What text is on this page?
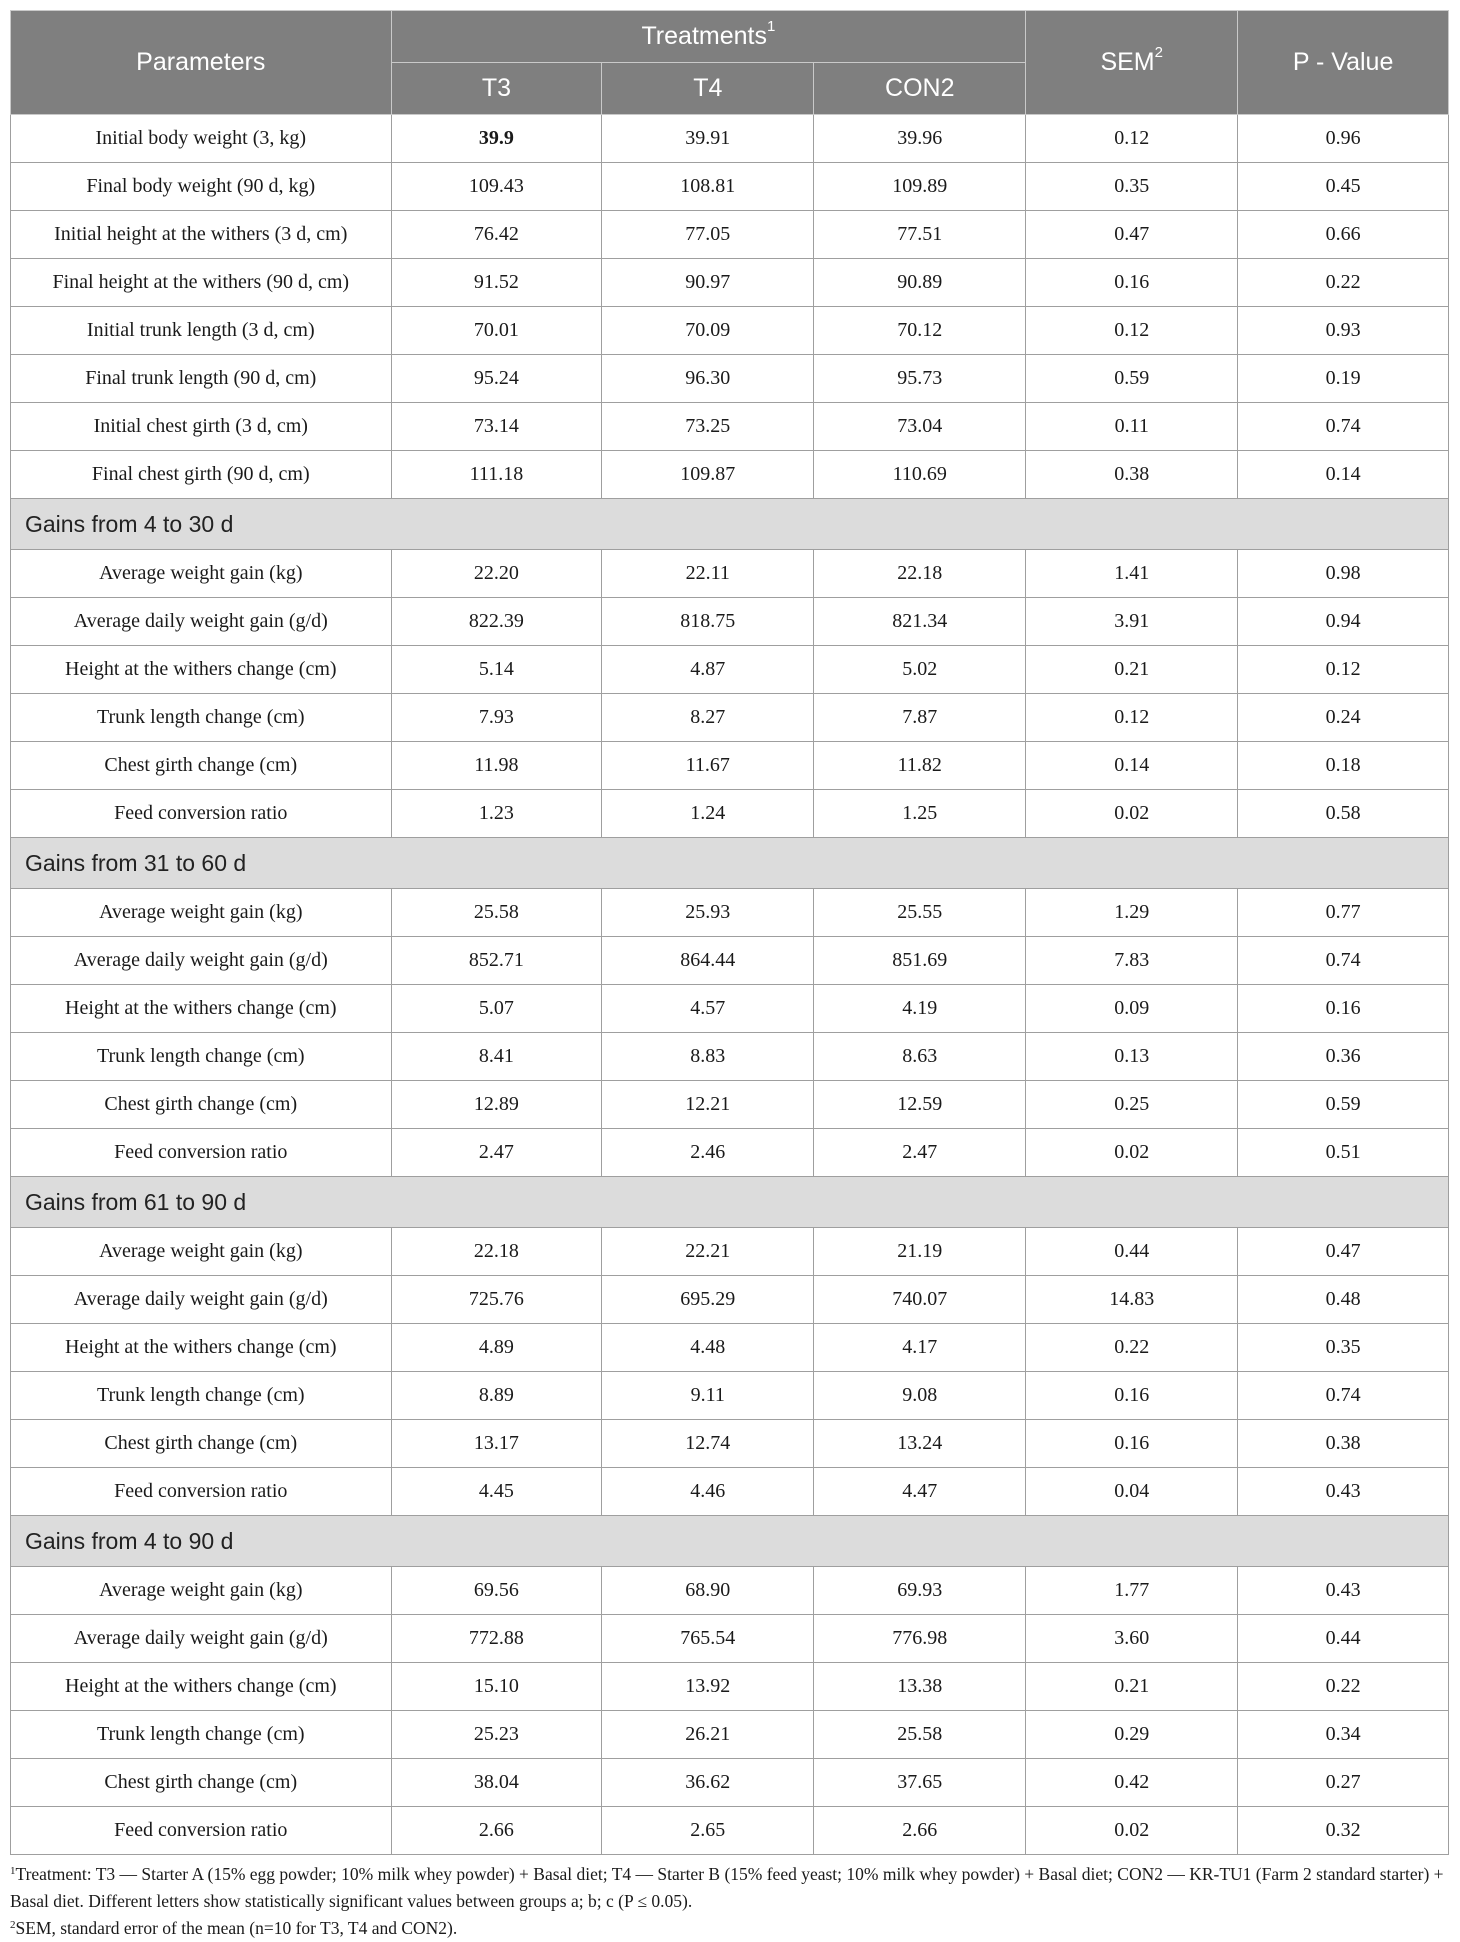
Parameters	Treatments$^1$			SEM$^2$	P - Value
	T3	T4	CON2		
Initial body weight (3, kg)	39.9	39.91	39.96	0.12	0.96
Final body weight (90 d, kg)	109.43	108.81	109.89	0.35	0.45
Initial height at the withers (3 d, cm)	76.42	77.05	77.51	0.47	0.66
Final height at the withers (90 d, cm)	91.52	90.97	90.89	0.16	0.22
Initial trunk length (3 d, cm)	70.01	70.09	70.12	0.12	0.93
Final trunk length (90 d, cm)	95.24	96.30	95.73	0.59	0.19
Initial chest girth (3 d, cm)	73.14	73.25	73.04	0.11	0.74
Final chest girth (90 d, cm)	111.18	109.87	110.69	0.38	0.14
Gains from 4 to 30 d					
Average weight gain (kg)	22.20	22.11	22.18	1.41	0.98
Average daily weight gain (g/d)	822.39	818.75	821.34	3.91	0.94
Height at the withers change (cm)	5.14	4.87	5.02	0.21	0.12
Trunk length change (cm)	7.93	8.27	7.87	0.12	0.24
Chest girth change (cm)	11.98	11.67	11.82	0.14	0.18
Feed conversion ratio	1.23	1.24	1.25	0.02	0.58
Gains from 31 to 60 d					
Average weight gain (kg)	25.58	25.93	25.55	1.29	0.77
Average daily weight gain (g/d)	852.71	864.44	851.69	7.83	0.74
Height at the withers change (cm)	5.07	4.57	4.19	0.09	0.16
Trunk length change (cm)	8.41	8.83	8.63	0.13	0.36
Chest girth change (cm)	12.89	12.21	12.59	0.25	0.59
Feed conversion ratio	2.47	2.46	2.47	0.02	0.51
Gains from 61 to 90 d					
Average weight gain (kg)	22.18	22.21	21.19	0.44	0.47
Average daily weight gain (g/d)	725.76	695.29	740.07	14.83	0.48
Height at the withers change (cm)	4.89	4.48	4.17	0.22	0.35
Trunk length change (cm)	8.89	9.11	9.08	0.16	0.74
Chest girth change (cm)	13.17	12.74	13.24	0.16	0.38
Feed conversion ratio	4.45	4.46	4.47	0.04	0.43
Gains from 4 to 90 d					
Average weight gain (kg)	69.56	68.90	69.93	1.77	0.43
Average daily weight gain (g/d)	772.88	765.54	776.98	3.60	0.44
Height at the withers change (cm)	15.10	13.92	13.38	0.21	0.22
Trunk length change (cm)	25.23	26.21	25.58	0.29	0.34
Chest girth change (cm)	38.04	36.62	37.65	0.42	0.27
Feed conversion ratio	2.66	2.65	2.66	0.02	0.32
$^1$Treatment: T3 — Starter A (15% egg powder; 10% milk whey powder) + Basal diet; T4 — Starter B (15% feed yeast; 10% milk whey powder) + Basal diet; CON2 — KR-TU1 (Farm 2 standard starter) + Basal diet. Different letters show statistically significant values between groups a; b; c (P ≤ 0.05).
$^2$SEM, standard error of the mean (n=10 for T3, T4 and CON2).
